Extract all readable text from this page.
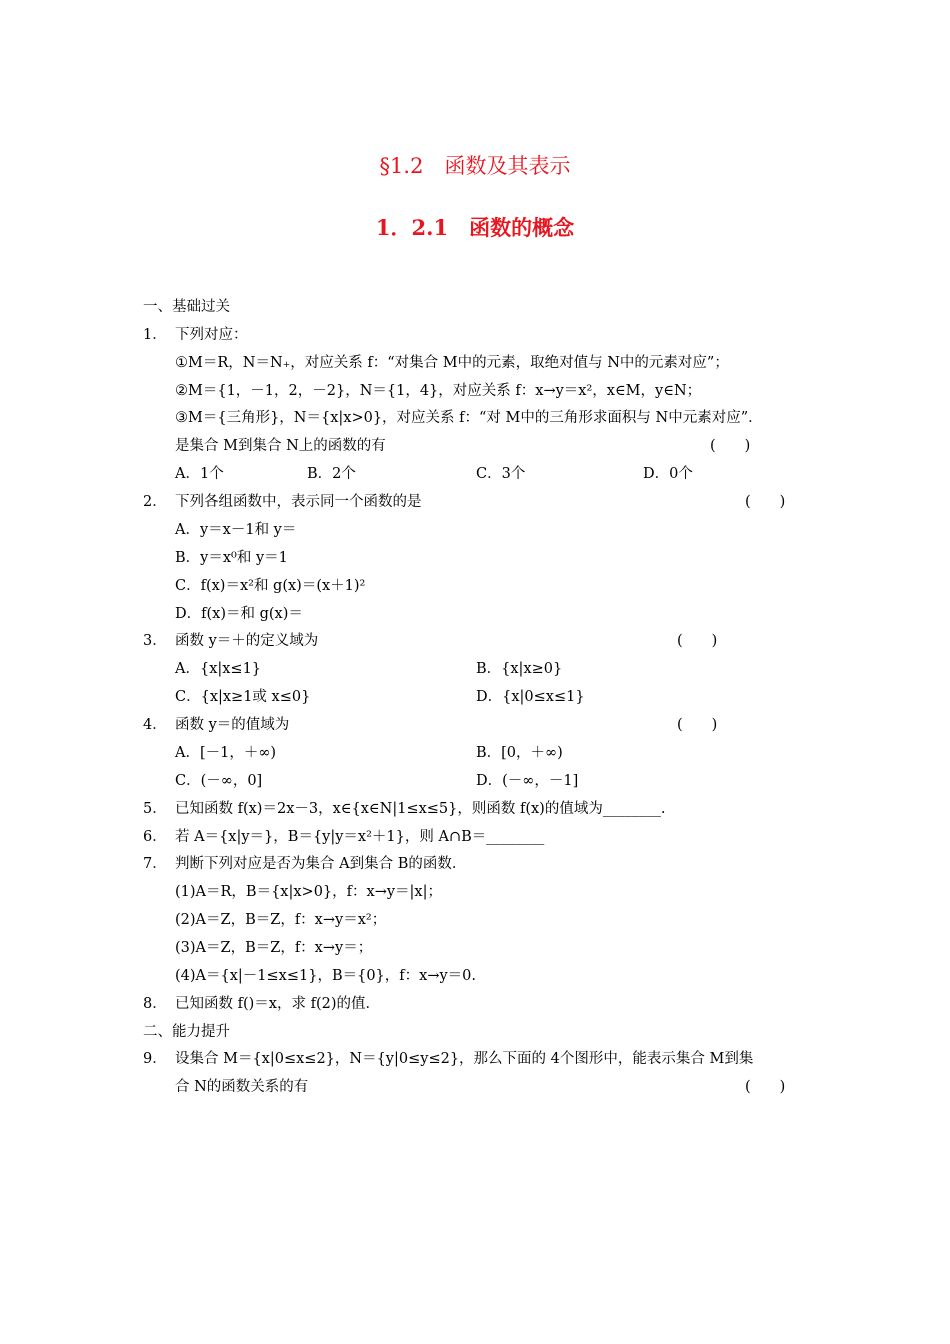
§1.2　函数及其表示
1．2.1　函数的概念
一、基础过关
1． 下列对应：
①M＝R，N＝N₊，对应关系 f：“对集合 M中的元素，取绝对值与 N中的元素对应”；
②M＝{1，－1，2，－2}，N＝{1，4}，对应关系 f：x→y＝x²，x∈M，y∈N；
③M＝{三角形}，N＝{x|x>0}，对应关系 f：“对 M中的三角形求面积与 N中元素对应”．
是集合 M到集合 N上的函数的有	(　　)
A．1个	B．2个	C．3个	D．0个
2． 下列各组函数中，表示同一个函数的是	(　　)
A．y＝x－1和 y＝
B．y＝x⁰和 y＝1
C．f(x)＝x²和 g(x)＝(x＋1)²
D．f(x)＝和 g(x)＝
3． 函数 y＝＋的定义域为	(　　)
A．{x|x≤1}	B．{x|x≥0}
C．{x|x≥1或 x≤0}	D．{x|0≤x≤1}
4． 函数 y＝的值域为	(　　)
A．[－1，＋∞)	B．[0，＋∞)
C．(－∞，0]	D．(－∞，－1]
5． 已知函数 f(x)＝2x－3，x∈{x∈N|1≤x≤5}，则函数 f(x)的值域为________.
6． 若 A＝{x|y＝}，B＝{y|y＝x²＋1}，则 A∩B＝________
7． 判断下列对应是否为集合 A到集合 B的函数．
(1)A＝R，B＝{x|x>0}，f：x→y＝|x|；
(2)A＝Z，B＝Z，f：x→y＝x²；
(3)A＝Z，B＝Z，f：x→y＝；
(4)A＝{x|－1≤x≤1}，B＝{0}，f：x→y＝0.
8． 已知函数 f()＝x，求 f(2)的值．
二、能力提升
9． 设集合 M＝{x|0≤x≤2}，N＝{y|0≤y≤2}，那么下面的 4个图形中，能表示集合 M到集
合 N的函数关系的有	(　　)
